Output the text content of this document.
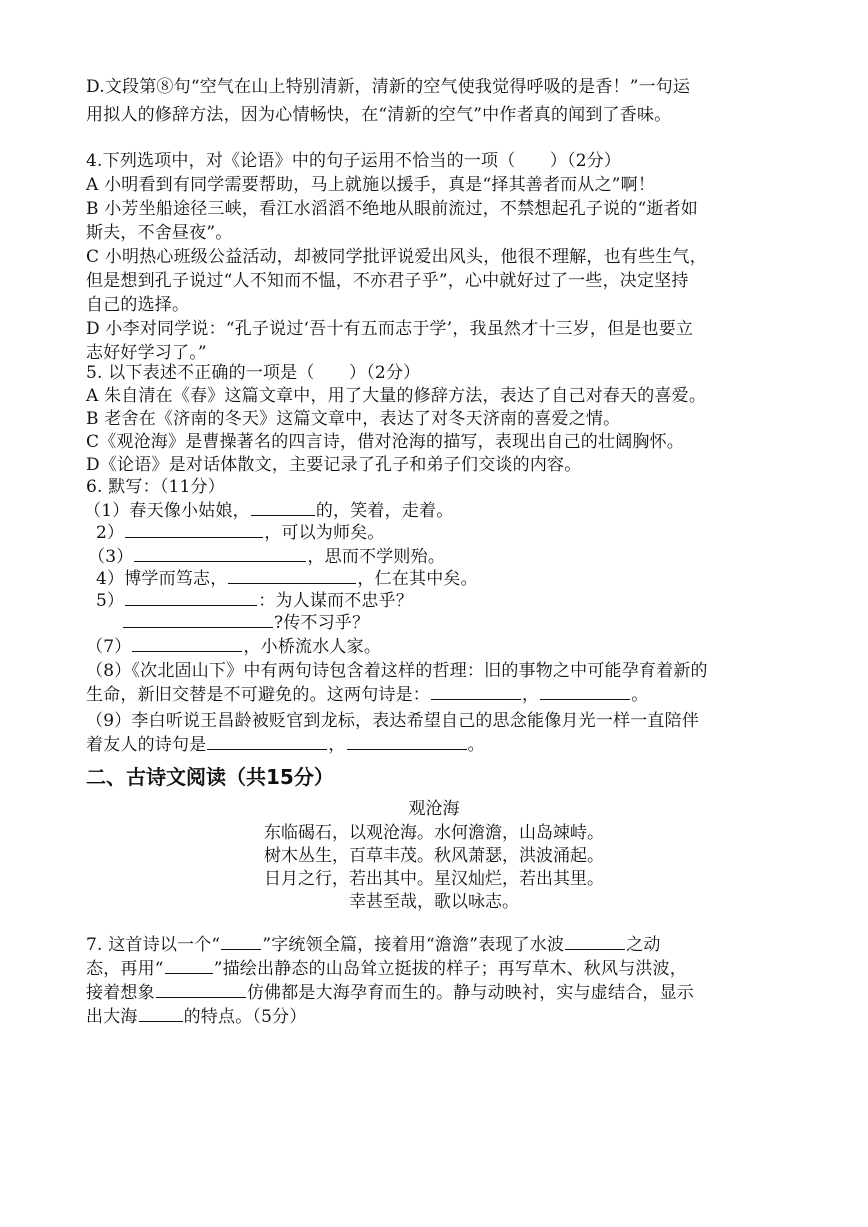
D.文段第⑧句“空气在山上特别清新，清新的空气使我觉得呼吸的是香！”一句运
用拟人的修辞方法，因为心情畅快，在“清新的空气”中作者真的闻到了香味。
4.下列选项中，对《论语》中的句子运用不恰当的一项（　　）（2分）
A 小明看到有同学需要帮助，马上就施以援手，真是“择其善者而从之”啊！
B 小芳坐船途径三峡，看江水滔滔不绝地从眼前流过，不禁想起孔子说的“逝者如
斯夫，不舍昼夜”。
C 小明热心班级公益活动，却被同学批评说爱出风头，他很不理解，也有些生气，
但是想到孔子说过“人不知而不愠，不亦君子乎”，心中就好过了一些，决定坚持
自己的选择。
D 小李对同学说：“孔子说过‘吾十有五而志于学’，我虽然才十三岁，但是也要立
志好好学习了。”
5. 以下表述不正确的一项是（　　）（2分）
A 朱自清在《春》这篇文章中，用了大量的修辞方法，表达了自己对春天的喜爱。
B 老舍在《济南的冬天》这篇文章中，表达了对冬天济南的喜爱之情。
C《观沧海》是曹操著名的四言诗，借对沧海的描写，表现出自己的壮阔胸怀。
D《论语》是对话体散文，主要记录了孔子和弟子们交谈的内容。
6. 默写：（11分）
（1）春天像小姑娘，	的，笑着，走着。
2）	，可以为师矣。
（3）	，思而不学则殆。
4）博学而笃志，	，仁在其中矣。
5）	：为人谋而不忠乎？
?传不习乎？
（7）	，小桥流水人家。
（8）《次北固山下》中有两句诗包含着这样的哲理：旧的事物之中可能孕育着新的
生命，新旧交替是不可避免的。这两句诗是：	，	。
（9）李白听说王昌龄被贬官到龙标，表达希望自己的思念能像月光一样一直陪伴
着友人的诗句是	，	。
二、古诗文阅读（共15分）
观沧海
东临碣石，以观沧海。水何澹澹，山岛竦峙。
树木丛生，百草丰茂。秋风萧瑟，洪波涌起。
日月之行，若出其中。星汉灿烂，若出其里。
幸甚至哉，歌以咏志。
7. 这首诗以一个“ ”字统领全篇，接着用“澹澹”表现了水波	之动
态，再用“	”描绘出静态的山岛耸立挺拔的样子；再写草木、秋风与洪波，
接着想象	仿佛都是大海孕育而生的。静与动映衬，实与虚结合，显示
出大海	的特点。（5分）
